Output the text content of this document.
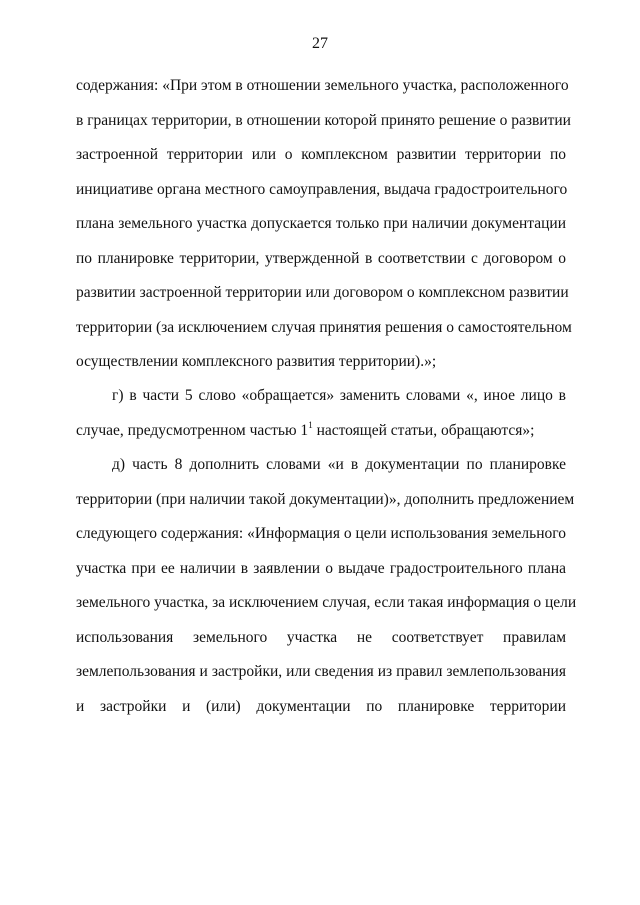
27
содержания: «При этом в отношении земельного участка, расположенного
в границах территории, в отношении которой принято решение о развитии
застроенной территории или о комплексном развитии территории по
инициативе органа местного самоуправления, выдача градостроительного
плана земельного участка допускается только при наличии документации
по планировке территории, утвержденной в соответствии с договором о
развитии застроенной территории или договором о комплексном развитии
территории (за исключением случая принятия решения о самостоятельном
осуществлении комплексного развития территории).»;
г) в части 5 слово «обращается» заменить словами «, иное лицо в
случае, предусмотренном частью $1^1$ настоящей статьи, обращаются»;
д) часть 8 дополнить словами «и в документации по планировке
территории (при наличии такой документации)», дополнить предложением
следующего содержания: «Информация о цели использования земельного
участка при ее наличии в заявлении о выдаче градостроительного плана
земельного участка, за исключением случая, если такая информация о цели
использования земельного участка не соответствует правилам
землепользования и застройки, или сведения из правил землепользования
и застройки и (или) документации по планировке территории
